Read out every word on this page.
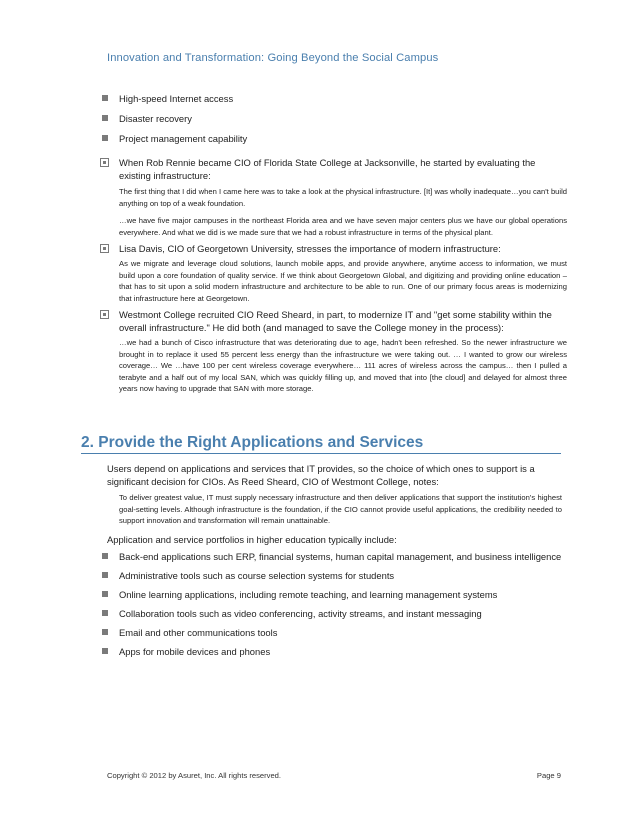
Innovation and Transformation: Going Beyond the Social Campus
High-speed Internet access
Disaster recovery
Project management capability
When Rob Rennie became CIO of Florida State College at Jacksonville, he started by evaluating the existing infrastructure:

The first thing that I did when I came here was to take a look at the physical infrastructure. [It] was wholly inadequate…you can't build anything on top of a weak foundation.

…we have five major campuses in the northeast Florida area and we have seven major centers plus we have our global operations everywhere. And what we did is we made sure that we had a robust infrastructure in terms of the physical plant.

Lisa Davis, CIO of Georgetown University, stresses the importance of modern infrastructure:

As we migrate and leverage cloud solutions, launch mobile apps, and provide anywhere, anytime access to information, we must build upon a core foundation of quality service. If we think about Georgetown Global, and digitizing and providing online education – that has to sit upon a solid modern infrastructure and architecture to be able to run. One of our primary focus areas is modernizing that infrastructure here at Georgetown.

Westmont College recruited CIO Reed Sheard, in part, to modernize IT and "get some stability within the overall infrastructure." He did both (and managed to save the College money in the process):

…we had a bunch of Cisco infrastructure that was deteriorating due to age, hadn't been refreshed. So the newer infrastructure we brought in to replace it used 55 percent less energy than the infrastructure we were taking out. … I wanted to grow our wireless coverage… We …have 100 per cent wireless coverage everywhere… 111 acres of wireless across the campus… then I pulled a terabyte and a half out of my local SAN, which was quickly filling up, and moved that into [the cloud] and delayed for almost three years now having to upgrade that SAN with more storage.

2. Provide the Right Applications and Services

Users depend on applications and services that IT provides, so the choice of which ones to support is a significant decision for CIOs. As Reed Sheard, CIO of Westmont College, notes:

To deliver greatest value, IT must supply necessary infrastructure and then deliver applications that support the institution's highest goal-setting levels. Although infrastructure is the foundation, if the CIO cannot provide useful applications, the credibility needed to support innovation and transformation will remain unattainable.

Application and service portfolios in higher education typically include:

Back-end applications such ERP, financial systems, human capital management, and business intelligence
Administrative tools such as course selection systems for students
Online learning applications, including remote teaching, and learning management systems
Collaboration tools such as video conferencing, activity streams, and instant messaging
Email and other communications tools
Apps for mobile devices and phones
Copyright © 2012 by Asuret, Inc. All rights reserved.	Page 9
